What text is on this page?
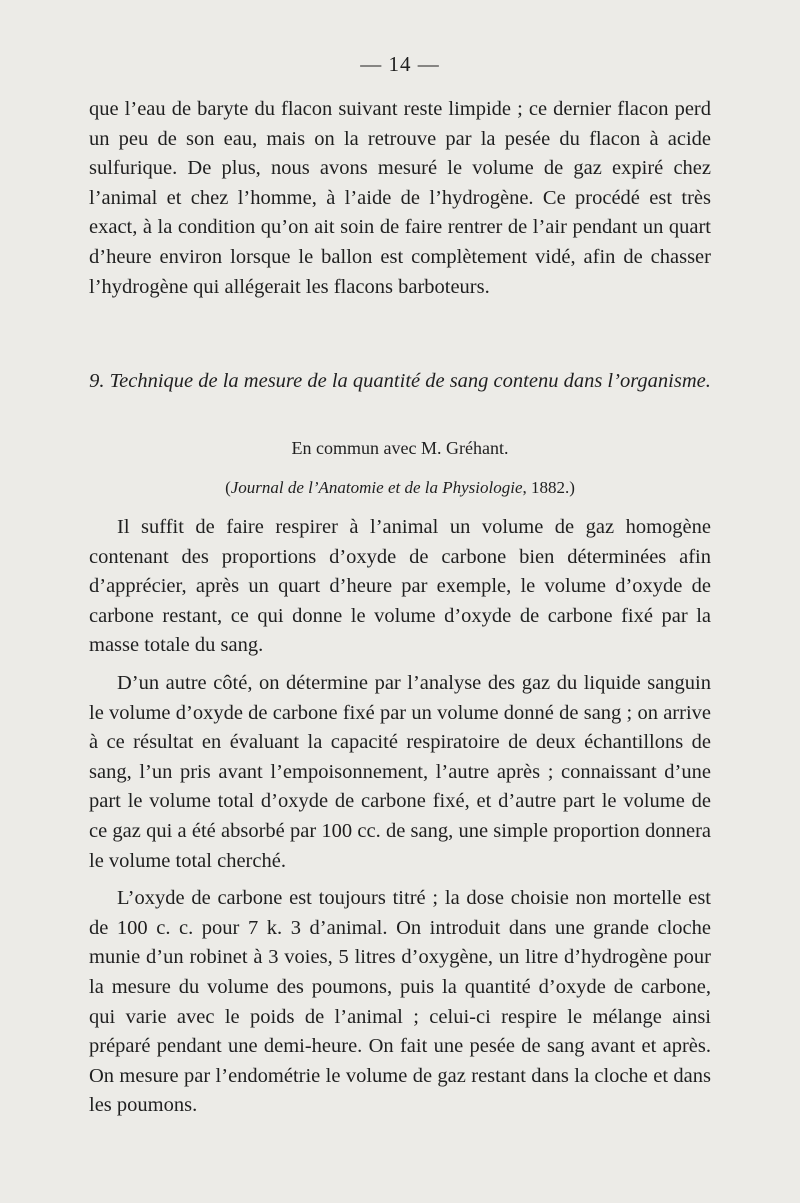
— 14 —

que l’eau de baryte du flacon suivant reste limpide ; ce dernier flacon perd un peu de son eau, mais on la retrouve par la pesée du flacon à acide sulfurique. De plus, nous avons mesuré le volume de gaz expiré chez l’animal et chez l’homme, à l’aide de l’hydrogène. Ce procédé est très exact, à la condition qu’on ait soin de faire rentrer de l’air pendant un quart d’heure environ lorsque le ballon est complètement vidé, afin de chasser l’hydrogène qui allégerait les flacons barboteurs.

9. Technique de la mesure de la quantité de sang contenu dans l’organisme.

En commun avec M. Gréhant.
(Journal de l’Anatomie et de la Physiologie, 1882.)

Il suffit de faire respirer à l’animal un volume de gaz homogène contenant des proportions d’oxyde de carbone bien déterminées afin d’apprécier, après un quart d’heure par exemple, le volume d’oxyde de carbone restant, ce qui donne le volume d’oxyde de carbone fixé par la masse totale du sang.

D’un autre côté, on détermine par l’analyse des gaz du liquide sanguin le volume d’oxyde de carbone fixé par un volume donné de sang ; on arrive à ce résultat en évaluant la capacité respiratoire de deux échantillons de sang, l’un pris avant l’empoisonnement, l’autre après ; connaissant d’une part le volume total d’oxyde de carbone fixé, et d’autre part le volume de ce gaz qui a été absorbé par 100 cc. de sang, une simple proportion donnera le volume total cherché.

L’oxyde de carbone est toujours titré ; la dose choisie non mortelle est de 100 c. c. pour 7 k. 3 d’animal. On introduit dans une grande cloche munie d’un robinet à 3 voies, 5 litres d’oxygène, un litre d’hydrogène pour la mesure du volume des poumons, puis la quantité d’oxyde de carbone, qui varie avec le poids de l’animal ; celui-ci respire le mélange ainsi préparé pendant une demi-heure. On fait une pesée de sang avant et après. On mesure par l’endométrie le volume de gaz restant dans la cloche et dans les poumons.
